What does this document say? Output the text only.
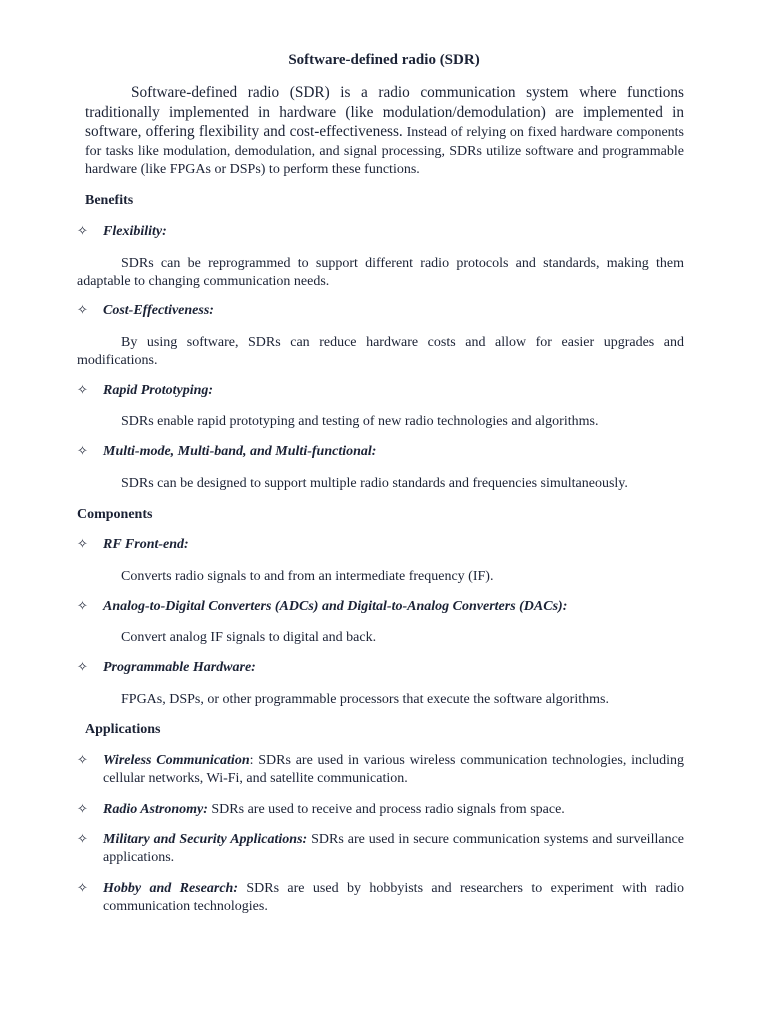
Software-defined radio (SDR)

Software-defined radio (SDR) is a radio communication system where functions traditionally implemented in hardware (like modulation/demodulation) are implemented in software, offering flexibility and cost-effectiveness. Instead of relying on fixed hardware components for tasks like modulation, demodulation, and signal processing, SDRs utilize software and programmable hardware (like FPGAs or DSPs) to perform these functions.

Benefits

✧ Flexibility:

SDRs can be reprogrammed to support different radio protocols and standards, making them adaptable to changing communication needs.

✧ Cost-Effectiveness:

By using software, SDRs can reduce hardware costs and allow for easier upgrades and modifications.

✧ Rapid Prototyping:

SDRs enable rapid prototyping and testing of new radio technologies and algorithms.

✧ Multi-mode, Multi-band, and Multi-functional:

SDRs can be designed to support multiple radio standards and frequencies simultaneously.

Components

✧ RF Front-end:

Converts radio signals to and from an intermediate frequency (IF).

✧ Analog-to-Digital Converters (ADCs) and Digital-to-Analog Converters (DACs):

Convert analog IF signals to digital and back.

✧ Programmable Hardware:

FPGAs, DSPs, or other programmable processors that execute the software algorithms.

Applications

✧ Wireless Communication: SDRs are used in various wireless communication technologies, including cellular networks, Wi-Fi, and satellite communication.

✧ Radio Astronomy: SDRs are used to receive and process radio signals from space.

✧ Military and Security Applications: SDRs are used in secure communication systems and surveillance applications.

✧ Hobby and Research: SDRs are used by hobbyists and researchers to experiment with radio communication technologies.
